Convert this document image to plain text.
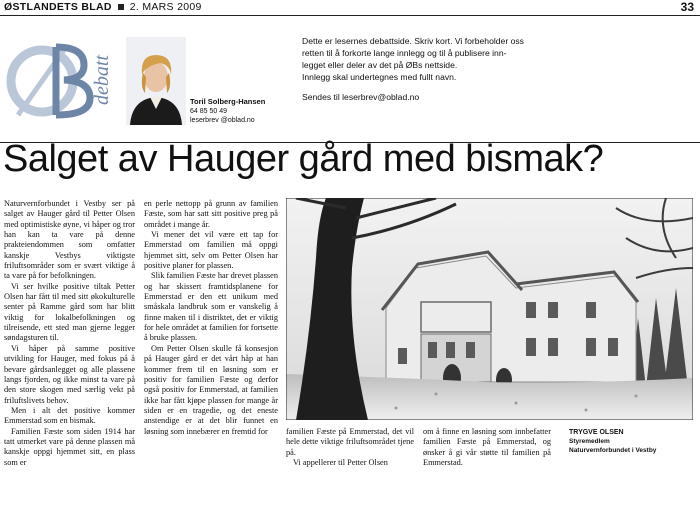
ØSTLANDETS BLAD 2. MARS 2009	33
debatt	Toril Solberg-Hansen
64 85 50 49
leserbrev @oblad.no
Dette er lesernes debattside. Skriv kort. Vi forbeholder oss
retten til å forkorte lange innlegg og til å publisere inn-
legget eller deler av det på ØBs nettside.
Innlegg skal undertegnes med fullt navn.
Sendes til leserbrev@oblad.no
Salget av Hauger gård med bismak?

Naturvernforbundet i Vestby ser på salget av Hauger gård til Petter Olsen med optimistiske øyne, vi håper og tror han kan ta vare på denne prakteiendommen som omfatter kanskje Vestbys viktigste friluftsområder som er svært viktige å ta vare på for befolkningen.

Vi ser hvilke positive tiltak Petter Olsen har fått til med sitt økokulturelle senter på Ramme gård som har blitt viktig for lokalbefolkningen og tilreisende, ett sted man gjerne legger søndagsturen til.

Vi håper på samme positive utvikling for Hauger, med fokus på å bevare gårdsanlegget og alle plassene langs fjorden, og ikke minst ta vare på den store skogen med særlig vekt på friluftslivets behov.

Men i alt det positive kommer Emmerstad som en bismak.

Familien Fæste som siden 1914 har tatt utmerket vare på denne plassen må kanskje oppgi hjemmet sitt, en plass som er

en perle nettopp på grunn av familien Fæste, som har satt sitt positive preg på området i mange år.

Vi mener det vil være ett tap for Emmerstad om familien må oppgi hjemmet sitt, selv om Petter Olsen har positive planer for plassen.

Slik familien Fæste har drevet plassen og har skissert framtidsplanene for Emmerstad er den ett unikum med småskala landbruk som er vanskelig å finne maken til i distriktet, det er viktig for hele området at familien for fortsette å bruke plassen.

Om Petter Olsen skulle få konsesjon på Hauger gård er det vårt håp at han kommer frem til en løsning som er positiv for familien Fæste og derfor også positiv for Emmerstad, at familien ikke har fått kjøpe plassen for mange år siden er en tragedie, og det eneste anstendige er at det blir funnet en løsning som innebærer en fremtid for	familien Fæste på Emmerstad, det vil hele dette viktige friluftsområdet tjene på.

Vi appellerer til Petter Olsen

om å finne en løsning som innbefatter familien Fæste på Emmerstad, og ønsker å gi vår støtte til familien på Emmerstad.

TRYGVE OLSEN
Styremedlem
Naturvernforbundet i Vestby
